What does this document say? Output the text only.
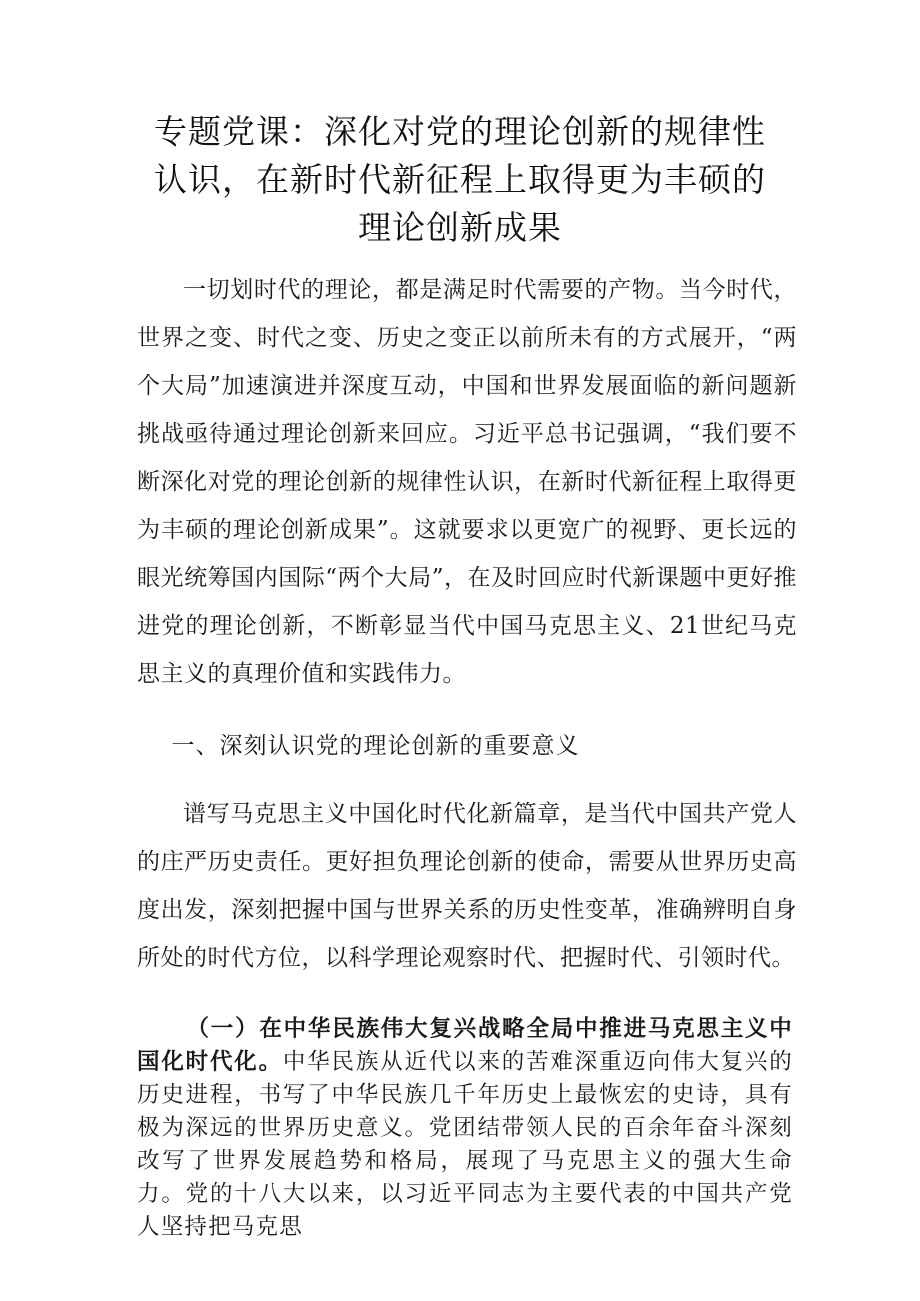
专题党课：深化对党的理论创新的规律性
认识，在新时代新征程上取得更为丰硕的
理论创新成果

一切划时代的理论，都是满足时代需要的产物。当今时代，世界之变、时代之变、历史之变正以前所未有的方式展开，“两个大局”加速演进并深度互动，中国和世界发展面临的新问题新挑战亟待通过理论创新来回应。习近平总书记强调，“我们要不断深化对党的理论创新的规律性认识，在新时代新征程上取得更为丰硕的理论创新成果”。这就要求以更宽广的视野、更长远的眼光统筹国内国际“两个大局”，在及时回应时代新课题中更好推进党的理论创新，不断彰显当代中国马克思主义、21世纪马克思主义的真理价值和实践伟力。

一、深刻认识党的理论创新的重要意义

谱写马克思主义中国化时代化新篇章，是当代中国共产党人的庄严历史责任。更好担负理论创新的使命，需要从世界历史高度出发，深刻把握中国与世界关系的历史性变革，准确辨明自身所处的时代方位，以科学理论观察时代、把握时代、引领时代。

（一）在中华民族伟大复兴战略全局中推进马克思主义中国化时代化。中华民族从近代以来的苦难深重迈向伟大复兴的历史进程，书写了中华民族几千年历史上最恢宏的史诗，具有极为深远的世界历史意义。党团结带领人民的百余年奋斗深刻改写了世界发展趋势和格局，展现了马克思主义的强大生命力。党的十八大以来，以习近平同志为主要代表的中国共产党人坚持把马克思
